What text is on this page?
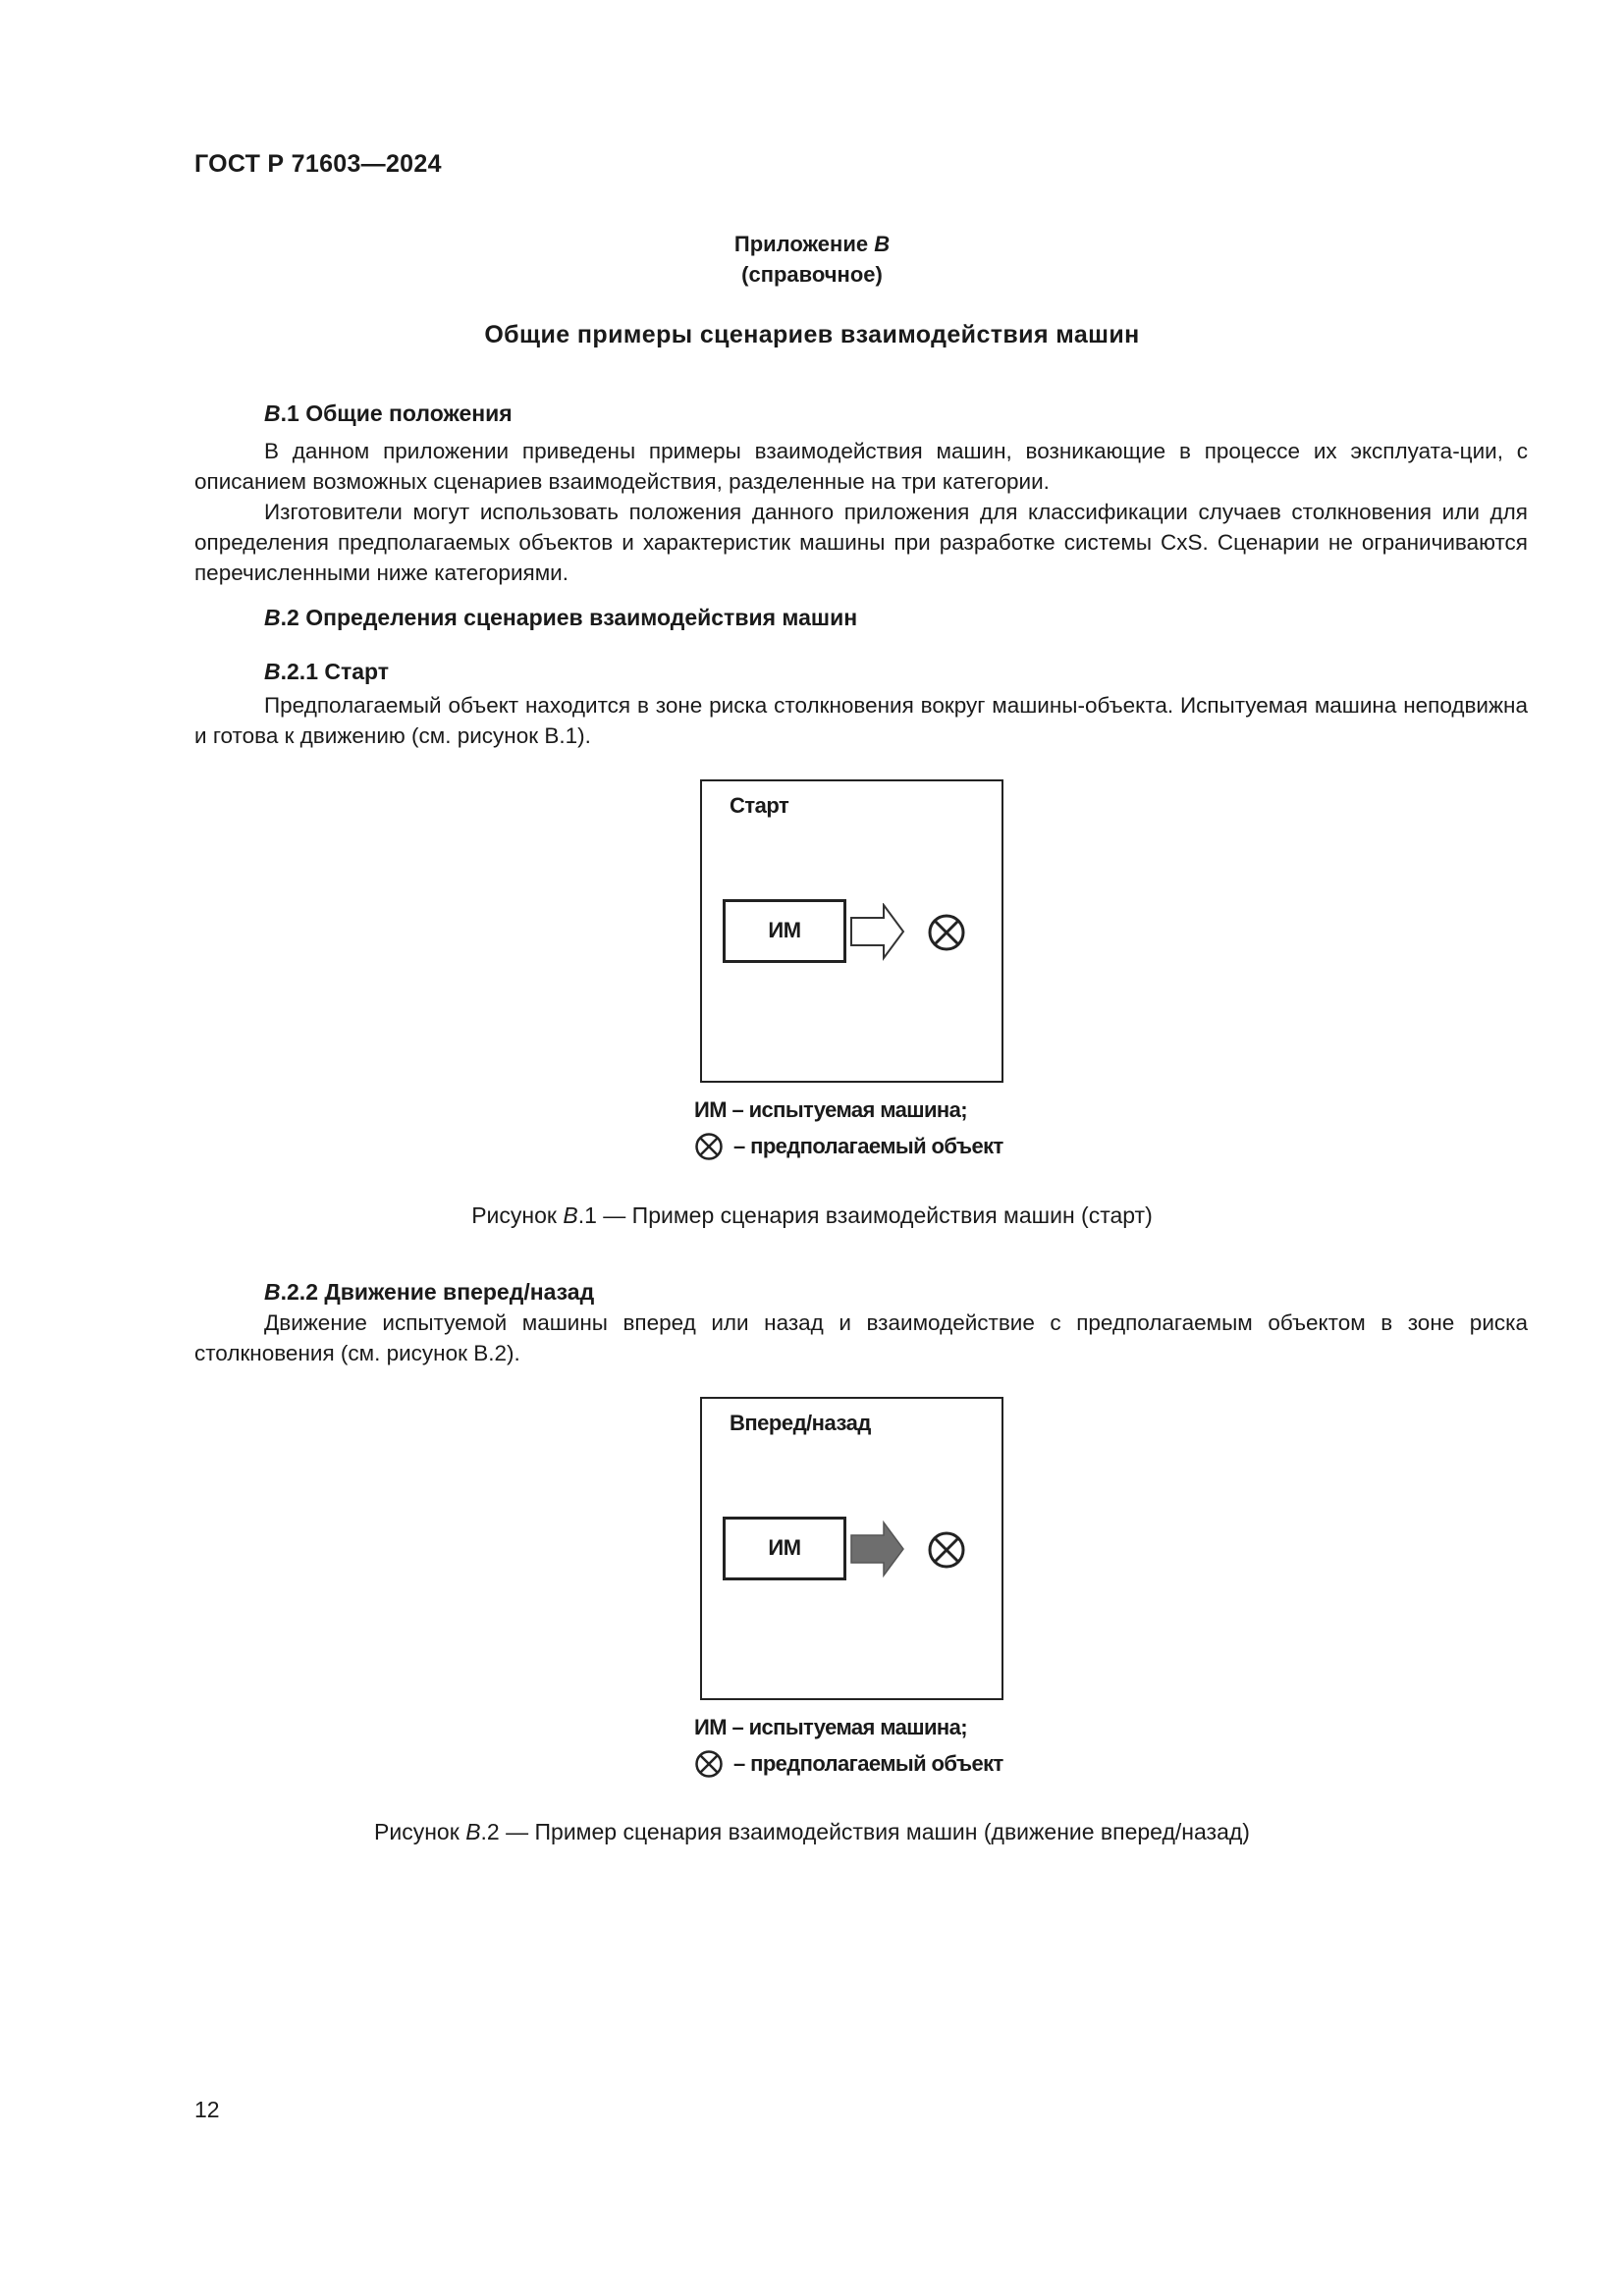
ГОСТ Р 71603—2024
Приложение В
(справочное)
Общие примеры сценариев взаимодействия машин
В.1 Общие положения

В данном приложении приведены примеры взаимодействия машин, возникающие в процессе их эксплуата-ции, с описанием возможных сценариев взаимодействия, разделенные на три категории.

Изготовители могут использовать положения данного приложения для классификации случаев столкновения или для определения предполагаемых объектов и характеристик машины при разработке системы CxS. Сценарии не ограничиваются перечисленными ниже категориями.

В.2 Определения сценариев взаимодействия машин
В.2.1 Старт

Предполагаемый объект находится в зоне риска столкновения вокруг машины-объекта. Испытуемая машина неподвижна и готова к движению (см. рисунок В.1).

Старт
ИМ
ИМ – испытуемая машина;
– предполагаемый объект
Рисунок В.1 — Пример сценария взаимодействия машин (старт)
В.2.2 Движение вперед/назад

Движение испытуемой машины вперед или назад и взаимодействие с предполагаемым объектом в зоне риска столкновения (см. рисунок В.2).

Вперед/назад
ИМ
ИМ – испытуемая машина;
– предполагаемый объект
Рисунок В.2 — Пример сценария взаимодействия машин (движение вперед/назад)
12
